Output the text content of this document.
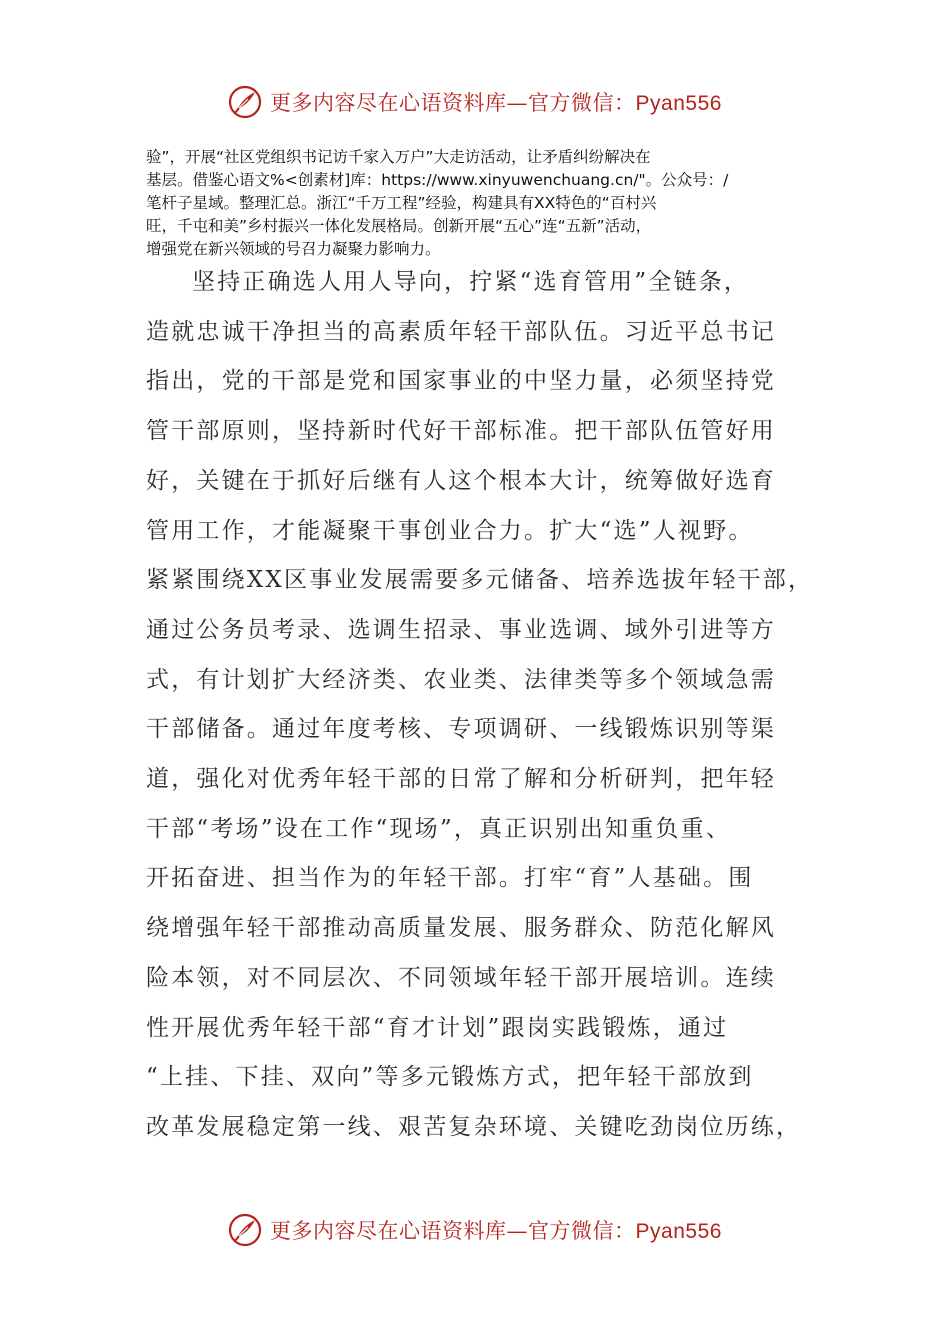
更多内容尽在心语资料库—官方微信：Pyan556
验”，开展“社区党组织书记访千家入万户”大走访活动，让矛盾纠纷解决在
基层。借鉴心语文%<创素材]库：https://www.xinyuwenchuang.cn/"。公众号：/
笔杆子星域。整理汇总。浙江“千万工程”经验，构建具有XX特色的“百村兴
旺，千屯和美”乡村振兴一体化发展格局。创新开展“五心”连“五新”活动，
增强党在新兴领域的号召力凝聚力影响力。
坚持正确选人用人导向，拧紧“选育管用”全链条，
造就忠诚干净担当的高素质年轻干部队伍。习近平总书记
指出，党的干部是党和国家事业的中坚力量，必须坚持党
管干部原则，坚持新时代好干部标准。把干部队伍管好用
好，关键在于抓好后继有人这个根本大计，统筹做好选育
管用工作，才能凝聚干事创业合力。扩大“选”人视野。
紧紧围绕XX区事业发展需要多元储备、培养选拔年轻干部，
通过公务员考录、选调生招录、事业选调、域外引进等方
式，有计划扩大经济类、农业类、法律类等多个领域急需
干部储备。通过年度考核、专项调研、一线锻炼识别等渠
道，强化对优秀年轻干部的日常了解和分析研判，把年轻
干部“考场”设在工作“现场”，真正识别出知重负重、
开拓奋进、担当作为的年轻干部。打牢“育”人基础。围
绕增强年轻干部推动高质量发展、服务群众、防范化解风
险本领，对不同层次、不同领域年轻干部开展培训。连续
性开展优秀年轻干部“育才计划”跟岗实践锻炼，通过
“上挂、下挂、双向”等多元锻炼方式，把年轻干部放到
改革发展稳定第一线、艰苦复杂环境、关键吃劲岗位历练，
更多内容尽在心语资料库—官方微信：Pyan556
